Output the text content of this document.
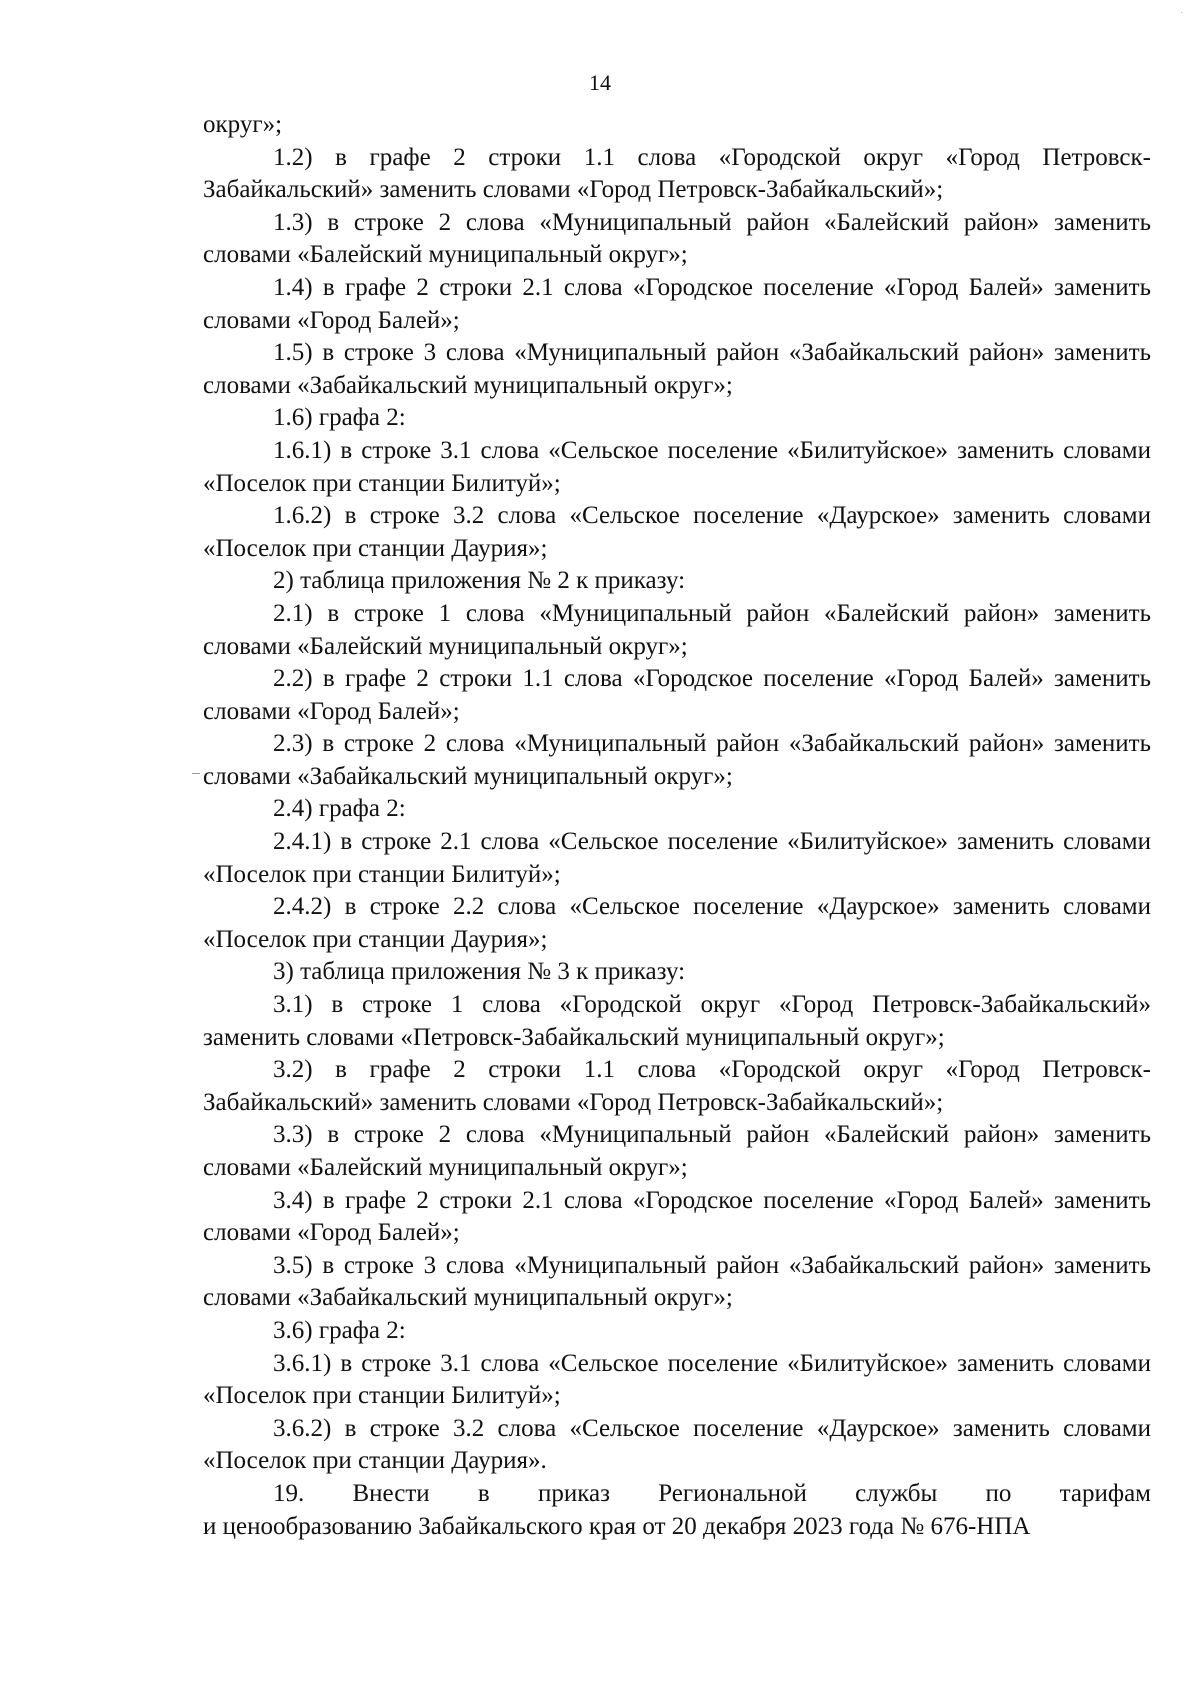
·
14

округ»;

1.2) в графе 2 строки 1.1 слова «Городской округ «Город Петровск-Забайкальский» заменить словами «Город Петровск-Забайкальский»;

1.3) в строке 2 слова «Муниципальный район «Балейский район» заменить словами «Балейский муниципальный округ»;

1.4) в графе 2 строки 2.1 слова «Городское поселение «Город Балей» заменить словами «Город Балей»;

1.5) в строке 3 слова «Муниципальный район «Забайкальский район» заменить словами «Забайкальский муниципальный округ»;

1.6) графа 2:

1.6.1) в строке 3.1 слова «Сельское поселение «Билитуйское» заменить словами «Поселок при станции Билитуй»;

1.6.2) в строке 3.2 слова «Сельское поселение «Даурское» заменить словами «Поселок при станции Даурия»;

2) таблица приложения № 2 к приказу:

2.1) в строке 1 слова «Муниципальный район «Балейский район» заменить словами «Балейский муниципальный округ»;

2.2) в графе 2 строки 1.1 слова «Городское поселение «Город Балей» заменить словами «Город Балей»;

2.3) в строке 2 слова «Муниципальный район «Забайкальский район» заменить словами «Забайкальский муниципальный округ»;

2.4) графа 2:

2.4.1) в строке 2.1 слова «Сельское поселение «Билитуйское» заменить словами «Поселок при станции Билитуй»;

2.4.2) в строке 2.2 слова «Сельское поселение «Даурское» заменить словами «Поселок при станции Даурия»;

3) таблица приложения № 3 к приказу:

3.1) в строке 1 слова «Городской округ «Город Петровск-Забайкальский» заменить словами «Петровск-Забайкальский муниципальный округ»;

3.2) в графе 2 строки 1.1 слова «Городской округ «Город Петровск-Забайкальский» заменить словами «Город Петровск-Забайкальский»;

3.3) в строке 2 слова «Муниципальный район «Балейский район» заменить словами «Балейский муниципальный округ»;

3.4) в графе 2 строки 2.1 слова «Городское поселение «Город Балей» заменить словами «Город Балей»;

3.5) в строке 3 слова «Муниципальный район «Забайкальский район» заменить словами «Забайкальский муниципальный округ»;

3.6) графа 2:

3.6.1) в строке 3.1 слова «Сельское поселение «Билитуйское» заменить словами «Поселок при станции Билитуй»;

3.6.2) в строке 3.2 слова «Сельское поселение «Даурское» заменить словами «Поселок при станции Даурия».

19. Внести в приказ Региональной службы по тарифам

и ценообразованию Забайкальского края от 20 декабря 2023 года № 676-НПА
